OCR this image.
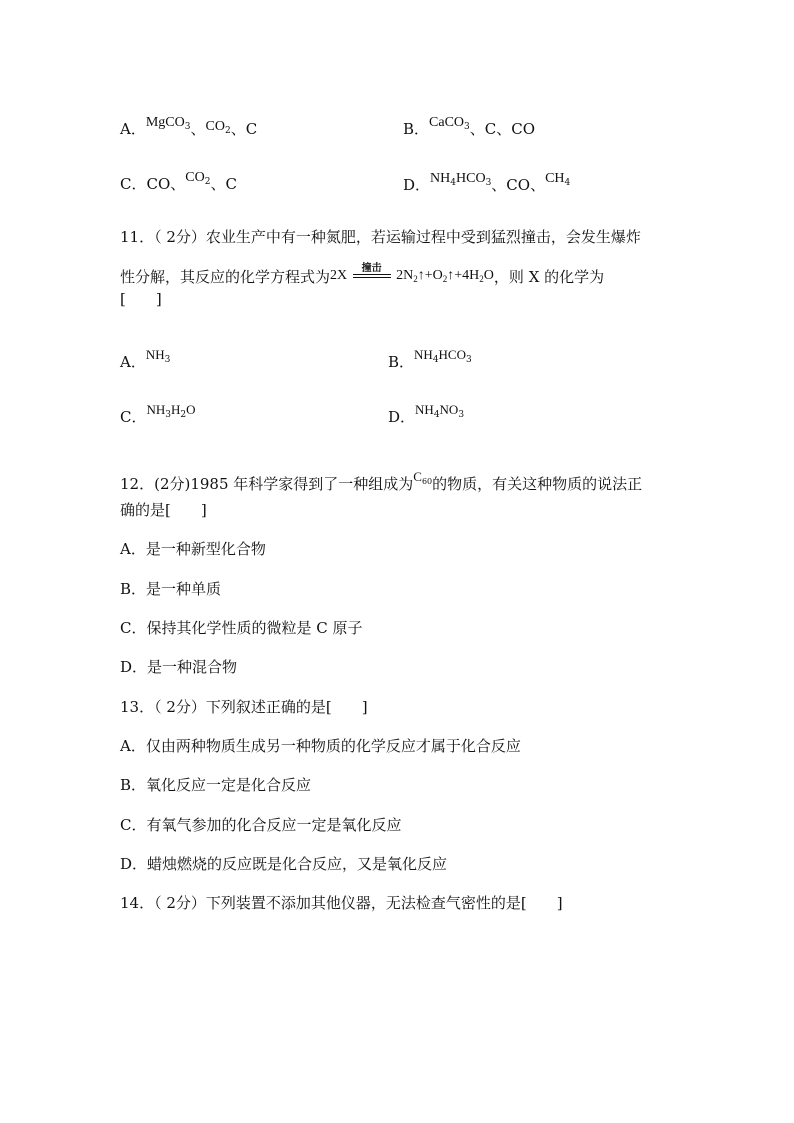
A．MgCO$_3$、$CO_2$、C	B．CaCO$_3$、C、CO
C．CO、$CO_2$、C	D．$NH_4HCO_3$、CO、$CH_4$
11．（ 2分）农业生产中有一种氮肥，若运输过程中受到猛烈撞击，会发生爆炸
性分解，其反应的化学方程式为2X	撞击	$2N_2↑+O_2↑+4H_2O$，则 X 的化学为
[　　]
A．$NH_3$	B．$NH_4HCO_3$
C．$NH_3H_2O$	D．$NH_4NO_3$
12．(2分)1985 年科学家得到了一种组成为$C_{60}$的物质，有关这种物质的说法正
确的是[　　]
A．是一种新型化合物
B．是一种单质
C．保持其化学性质的微粒是 C 原子
D．是一种混合物
13．（ 2分）下列叙述正确的是[　　]
A．仅由两种物质生成另一种物质的化学反应才属于化合反应
B．氧化反应一定是化合反应
C．有氧气参加的化合反应一定是氧化反应
D．蜡烛燃烧的反应既是化合反应，又是氧化反应
14．（ 2分）下列装置不添加其他仪器，无法检查气密性的是[　　]
